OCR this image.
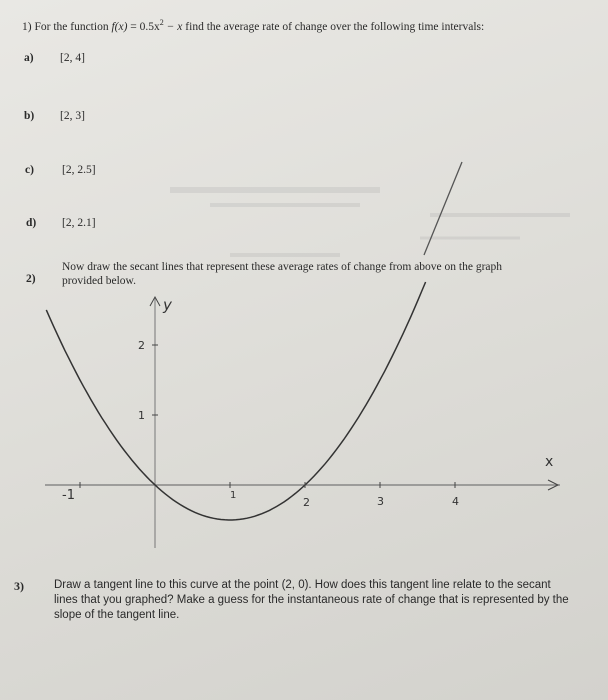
1) For the function $f(x) = 0.5x^2 - x$ find the average rate of change over the following time intervals:
a) [2, 4]
b) [2, 3]
c) [2, 2.5]
d) [2, 2.1]
2)
Now draw the secant lines that represent these average rates of change from above on the graph
provided below.
-1	1
2	3	4
1
2
y
x
3)	Draw a tangent line to this curve at the point (2, 0). How does this tangent line relate to the secant
lines that you graphed? Make a guess for the instantaneous rate of change that is represented by the
slope of the tangent line.
